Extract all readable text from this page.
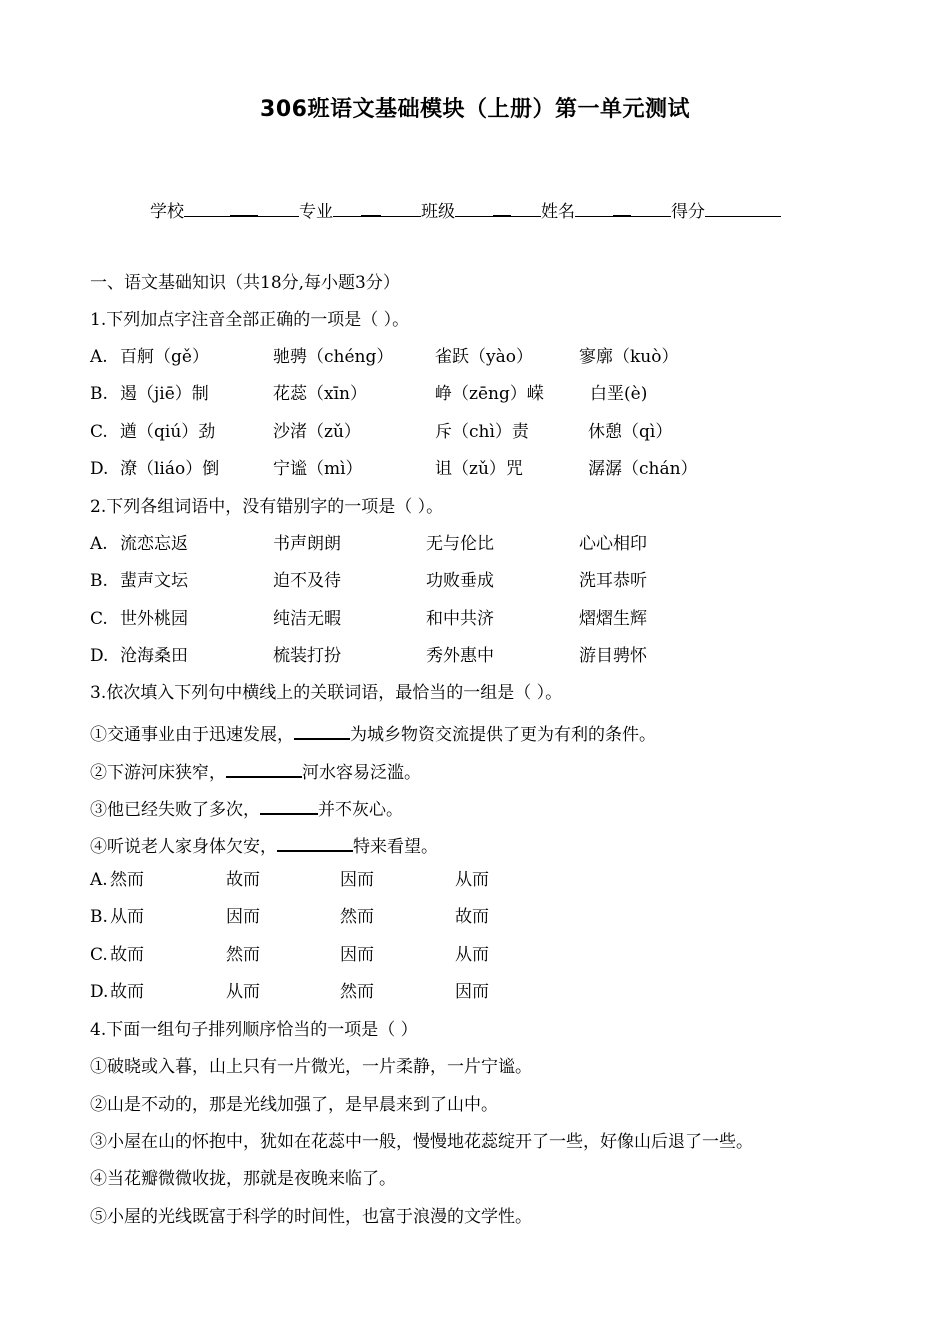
306班语文基础模块（上册）第一单元测试
学校	专业	班级	姓名	得分
一、语文基础知识（共18分,每小题3分）
1.下列加点字注音全部正确的一项是（ ）。
A. 百舸（gě）	驰骋（chéng） 雀跃（yào）	寥廓（kuò）
B. 遏（jiē）制	花蕊（xīn）	峥（zēng）嵘	白垩(è)
C. 遒（qiú）劲	沙渚（zǔ）	斥（chì）责	休憩（qì）
D. 潦（liáo）倒	宁谧（mì）	诅（zǔ）咒	潺潺（chán）
2.下列各组词语中，没有错别字的一项是（ ）。
A. 流恋忘返	书声朗朗	无与伦比	心心相印
B. 蜚声文坛	迫不及待	功败垂成	洗耳恭听
C. 世外桃园	纯洁无暇	和中共济	熠熠生辉
D. 沧海桑田	梳装打扮	秀外惠中	游目骋怀
3.依次填入下列句中横线上的关联词语，最恰当的一组是（ ）。
①交通事业由于迅速发展，	为城乡物资交流提供了更为有利的条件。
②下游河床狭窄，	河水容易泛滥。
③他已经失败了多次，	并不灰心。
④听说老人家身体欠安，	特来看望。
A. 然而	故而	因而	从而
B. 从而	因而	然而	故而
C. 故而	然而	因而	从而
D. 故而	从而	然而	因而
4.下面一组句子排列顺序恰当的一项是（ ）
①破晓或入暮，山上只有一片微光，一片柔静，一片宁谧。
②山是不动的，那是光线加强了，是早晨来到了山中。
③小屋在山的怀抱中，犹如在花蕊中一般，慢慢地花蕊绽开了一些，好像山后退了一些。
④当花瓣微微收拢，那就是夜晚来临了。
⑤小屋的光线既富于科学的时间性，也富于浪漫的文学性。
